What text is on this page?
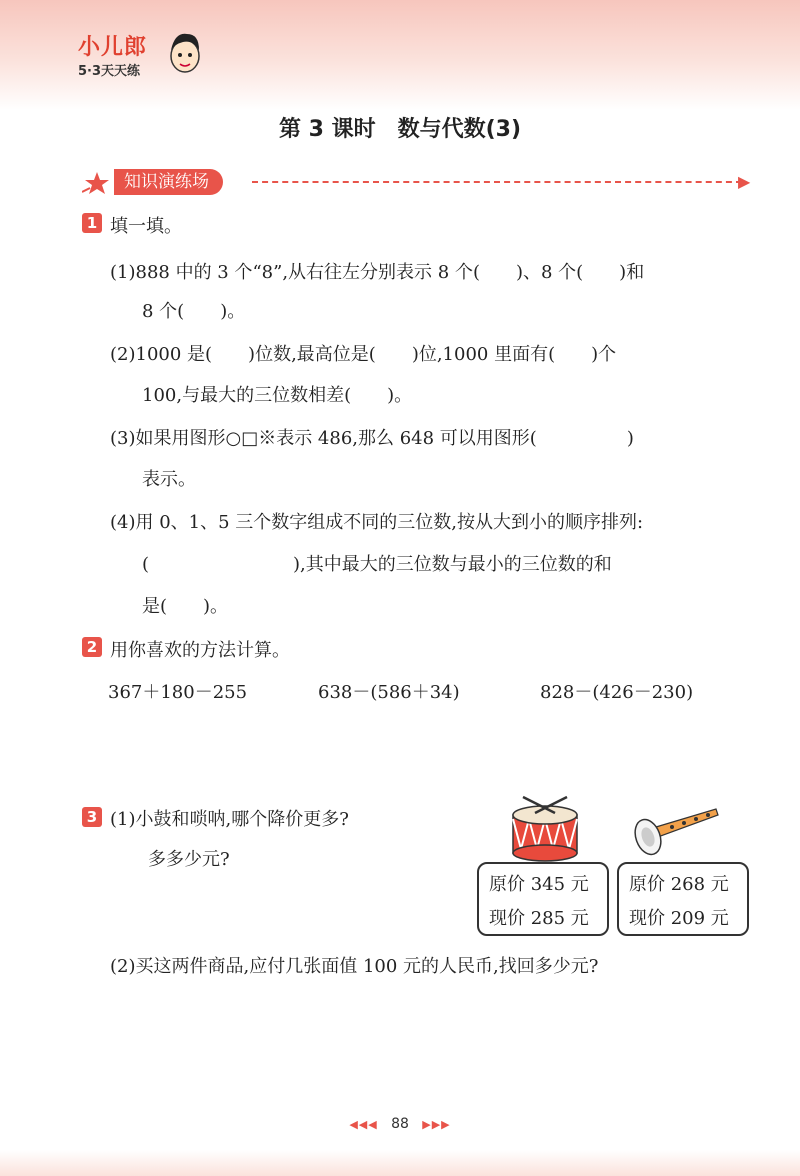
小儿郎
5·3天天练
第 3 课时　数与代数(3)
知识演练场	▶
1 填一填。
(1)888 中的 3 个“8”,从右往左分别表示 8 个(　　)、8 个(　　)和
8 个(　　)。
(2)1000 是(　　)位数,最高位是(　　)位,1000 里面有(　　)个
100,与最大的三位数相差(　　)。
(3)如果用图形○□※表示 486,那么 648 可以用图形(　　　　　)
表示。
(4)用 0、1、5 三个数字组成不同的三位数,按从大到小的顺序排列:
(　　　　　　　　),其中最大的三位数与最小的三位数的和
是(　　)。
2 用你喜欢的方法计算。
367＋180－255	638－(586＋34)	828－(426－230)
3 (1)小鼓和唢呐,哪个降价更多?
多多少元?
原价 345 元
现价 285 元
原价 268 元
现价 209 元
(2)买这两件商品,应付几张面值 100 元的人民币,找回多少元?
◀◀◀ 88 ▶▶▶
